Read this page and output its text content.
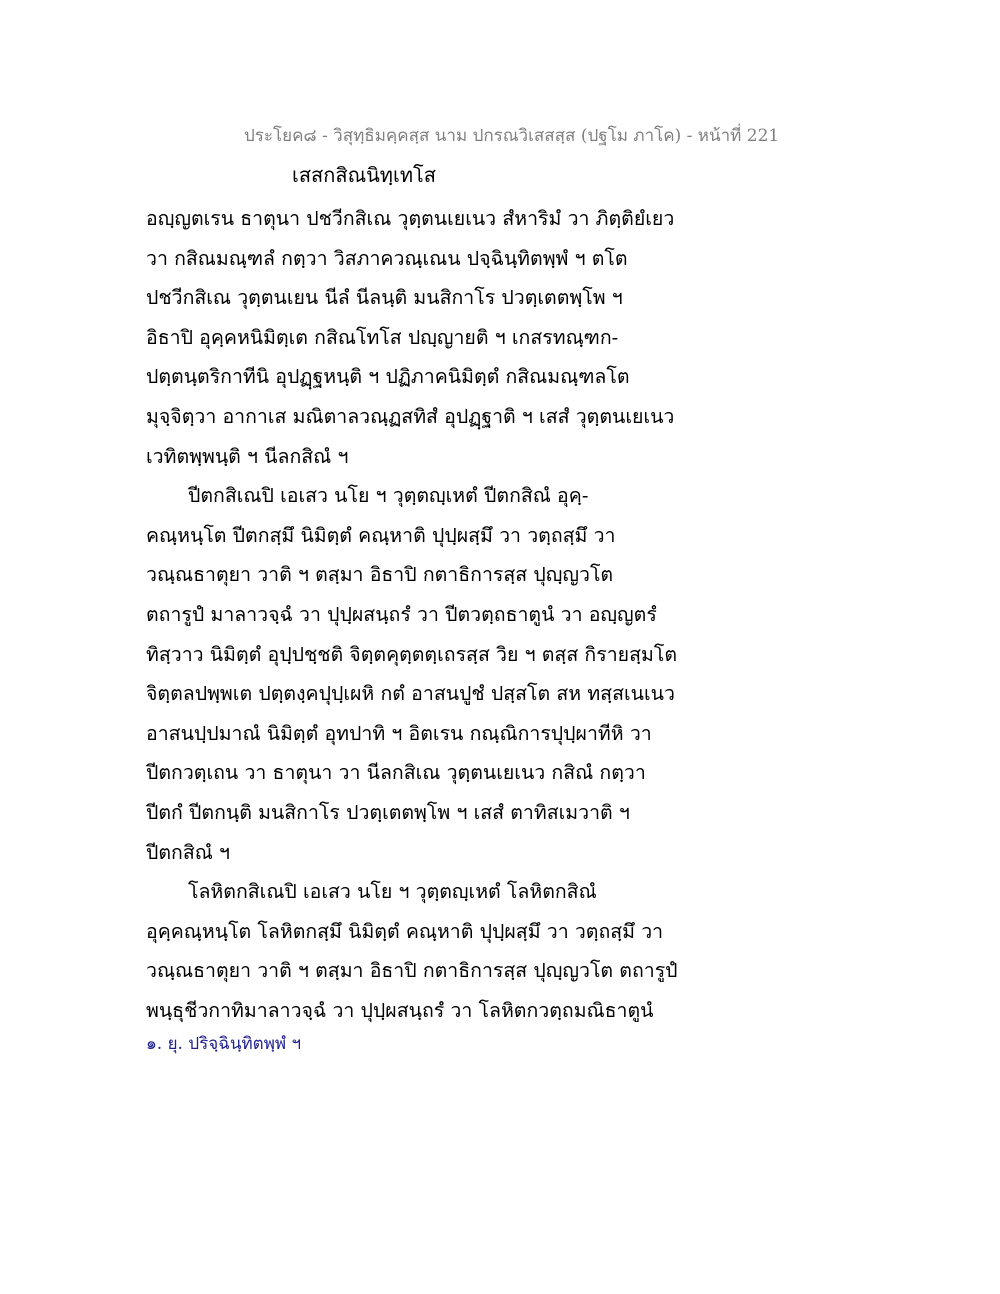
ประโยค๘ - วิสุทฺธิมคฺคสฺส นาม ปกรณวิเสสสฺส (ปฐโม ภาโค) - หน้าที่ 221
เสสกสิณนิทฺเทโส
อญฺญตเรน ธาตุนา ปชวีกสิเณ วุตฺตนเยเนว สํหาริมํ วา ภิตฺติยํเยว
วา กสิณมณฺฑลํ กตฺวา วิสภาควณฺเณน ปจฺฉินฺทิตพฺพํ ฯ ตโต
ปชวีกสิเณ วุตฺตนเยน นีลํ นีลนฺติ มนสิกาโร ปวตฺเตตพฺโพ ฯ
อิธาปิ อุคฺคหนิมิตฺเต กสิณโทโส ปญฺญายติ ฯ เกสรทณฺฑก-
ปตฺตนฺตริกาทีนิ อุปฏฺฐหนฺติ ฯ ปฏิภาคนิมิตฺตํ กสิณมณฺฑลโต
มุจฺจิตฺวา อากาเส มณิตาลวณฺฏสทิสํ อุปฏฺฐาติ ฯ เสสํ วุตฺตนเยเนว
เวทิตพฺพนฺติ ฯ นีลกสิณํ ฯ
ปีตกสิเณปิ เอเสว นโย ฯ วุตฺตญฺเหตํ ปีตกสิณํ อุคฺ-
คณฺหนฺโต ปีตกสฺมึ นิมิตฺตํ คณฺหาติ ปุปฺผสฺมึ วา วตฺถสฺมึ วา
วณฺณธาตุยา วาติ ฯ ตสฺมา อิธาปิ กตาธิการสฺส ปุญฺญวโต
ตถารูปํ มาลาวจฺฉํ วา ปุปฺผสนฺถรํ วา ปีตวตฺถธาตูนํ วา อญฺญตรํ
ทิสฺวาว นิมิตฺตํ อุปฺปชฺชติ จิตฺตคุตฺตตฺเถรสฺส วิย ฯ ตสฺส กิรายสฺมโต
จิตฺตลปพฺพเต ปตฺตงฺคปุปฺเผหิ กตํ อาสนปูชํ ปสฺสโต สห ทสฺสเนเนว
อาสนปฺปมาณํ นิมิตฺตํ อุทปาทิ ฯ อิตเรน กณฺณิการปุปฺผาทีหิ วา
ปีตกวตฺเถน วา ธาตุนา วา นีลกสิเณ วุตฺตนเยเนว กสิณํ กตฺวา
ปีตกํ ปีตกนฺติ มนสิกาโร ปวตฺเตตพฺโพ ฯ เสสํ ตาทิสเมวาติ ฯ
ปีตกสิณํ ฯ
โลหิตกสิเณปิ เอเสว นโย ฯ วุตฺตญฺเหตํ โลหิตกสิณํ
อุคฺคณฺหนฺโต โลหิตกสฺมึ นิมิตฺตํ คณฺหาติ ปุปฺผสฺมึ วา วตฺถสฺมึ วา
วณฺณธาตุยา วาติ ฯ ตสฺมา อิธาปิ กตาธิการสฺส ปุญฺญวโต ตถารูปํ
พนฺธุชีวกาทิมาลาวจฺฉํ วา ปุปฺผสนฺถรํ วา โลหิตกวตฺถมณิธาตูนํ
๑. ยุ. ปริจฺฉินฺทิตพฺพํ ฯ
